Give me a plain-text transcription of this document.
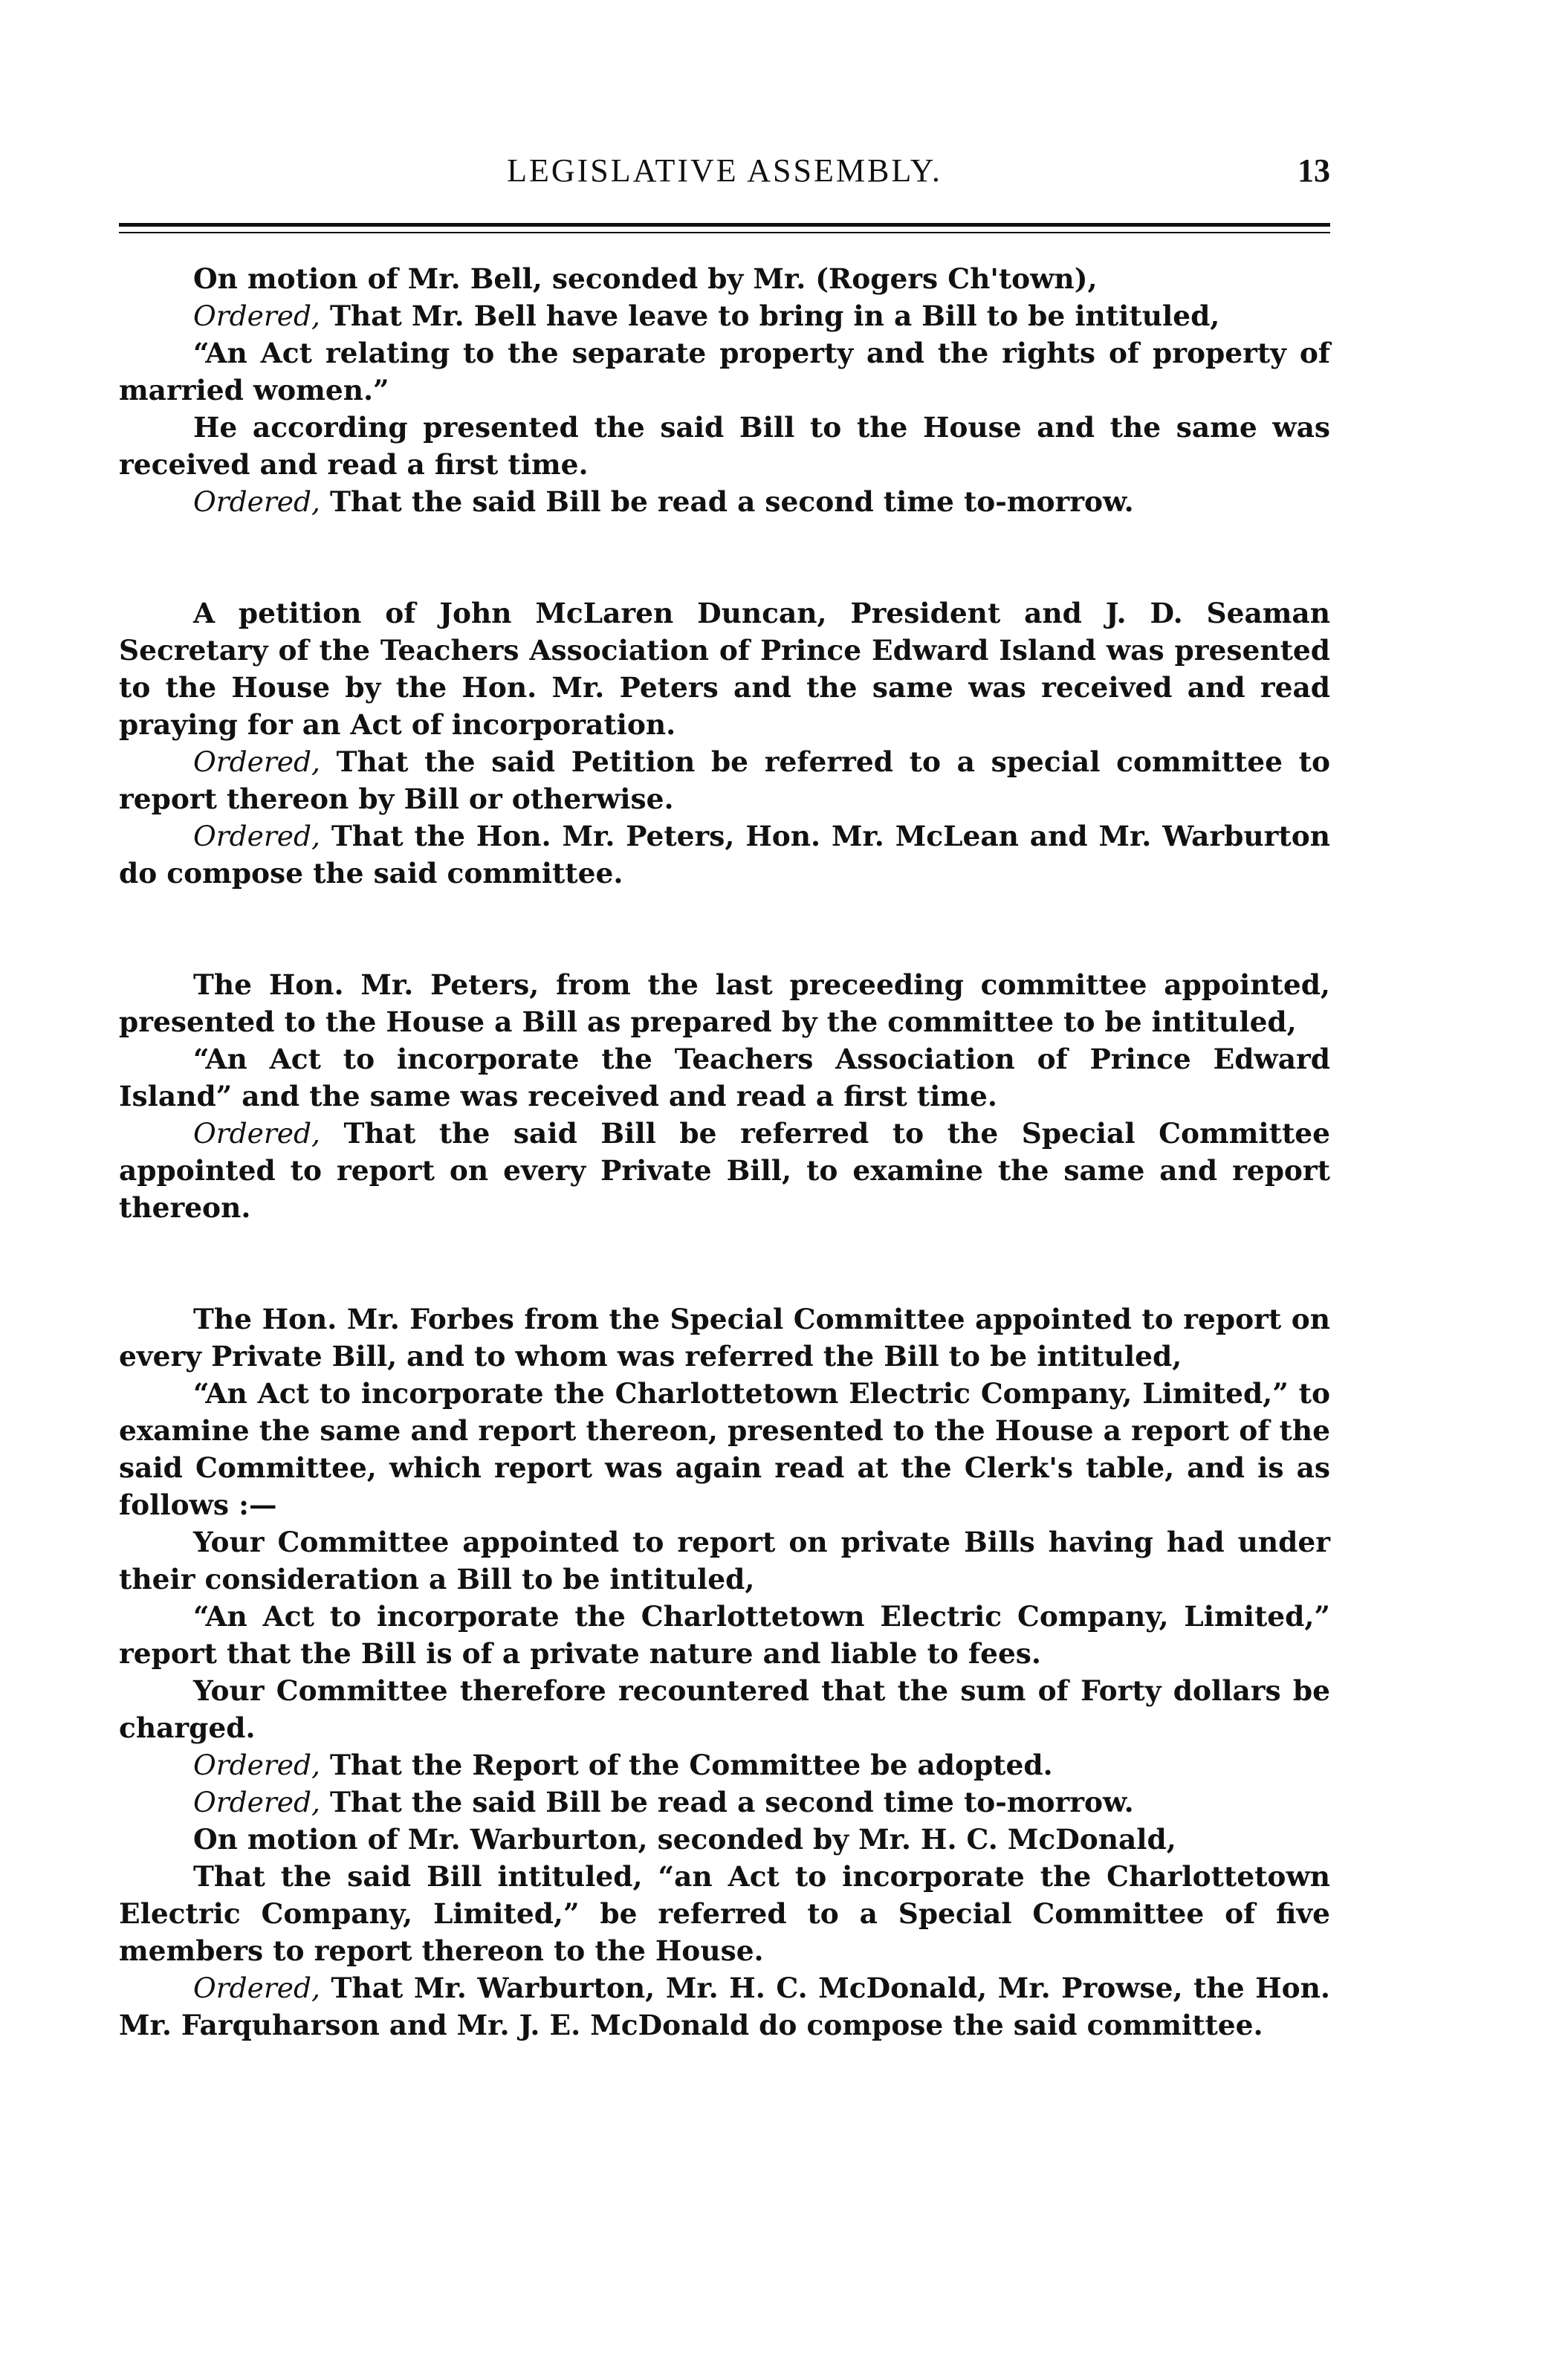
LEGISLATIVE ASSEMBLY.	13

On motion of Mr. Bell, seconded by Mr. (Rogers Ch'town),

Ordered, That Mr. Bell have leave to bring in a Bill to be intituled,

“An Act relating to the separate property and the rights of property of married women.”

He according presented the said Bill to the House and the same was received and read a first time.

Ordered, That the said Bill be read a second time to-morrow.

A petition of John McLaren Duncan, President and J. D. Seaman Secretary of the Teachers Association of Prince Edward Island was presented to the House by the Hon. Mr. Peters and the same was received and read praying for an Act of incorporation.

Ordered, That the said Petition be referred to a special committee to report thereon by Bill or otherwise.

Ordered, That the Hon. Mr. Peters, Hon. Mr. McLean and Mr. Warburton do compose the said committee.

The Hon. Mr. Peters, from the last preceeding committee appointed, presented to the House a Bill as prepared by the committee to be intituled,

“An Act to incorporate the Teachers Association of Prince Edward Island” and the same was received and read a first time.

Ordered, That the said Bill be referred to the Special Committee appointed to report on every Private Bill, to examine the same and report thereon.

The Hon. Mr. Forbes from the Special Committee appointed to report on every Private Bill, and to whom was referred the Bill to be intituled,

“An Act to incorporate the Charlottetown Electric Company, Limited,” to examine the same and report thereon, presented to the House a report of the said Committee, which report was again read at the Clerk's table, and is as follows :—

Your Committee appointed to report on private Bills having had under their consideration a Bill to be intituled,

“An Act to incorporate the Charlottetown Electric Company, Limited,” report that the Bill is of a private nature and liable to fees.

Your Committee therefore recountered that the sum of Forty dollars be charged.

Ordered, That the Report of the Committee be adopted.

Ordered, That the said Bill be read a second time to-morrow.

On motion of Mr. Warburton, seconded by Mr. H. C. McDonald,

That the said Bill intituled, “an Act to incorporate the Charlottetown Electric Company, Limited,” be referred to a Special Committee of five members to report thereon to the House.

Ordered, That Mr. Warburton, Mr. H. C. McDonald, Mr. Prowse, the Hon. Mr. Farquharson and Mr. J. E. McDonald do compose the said committee.
